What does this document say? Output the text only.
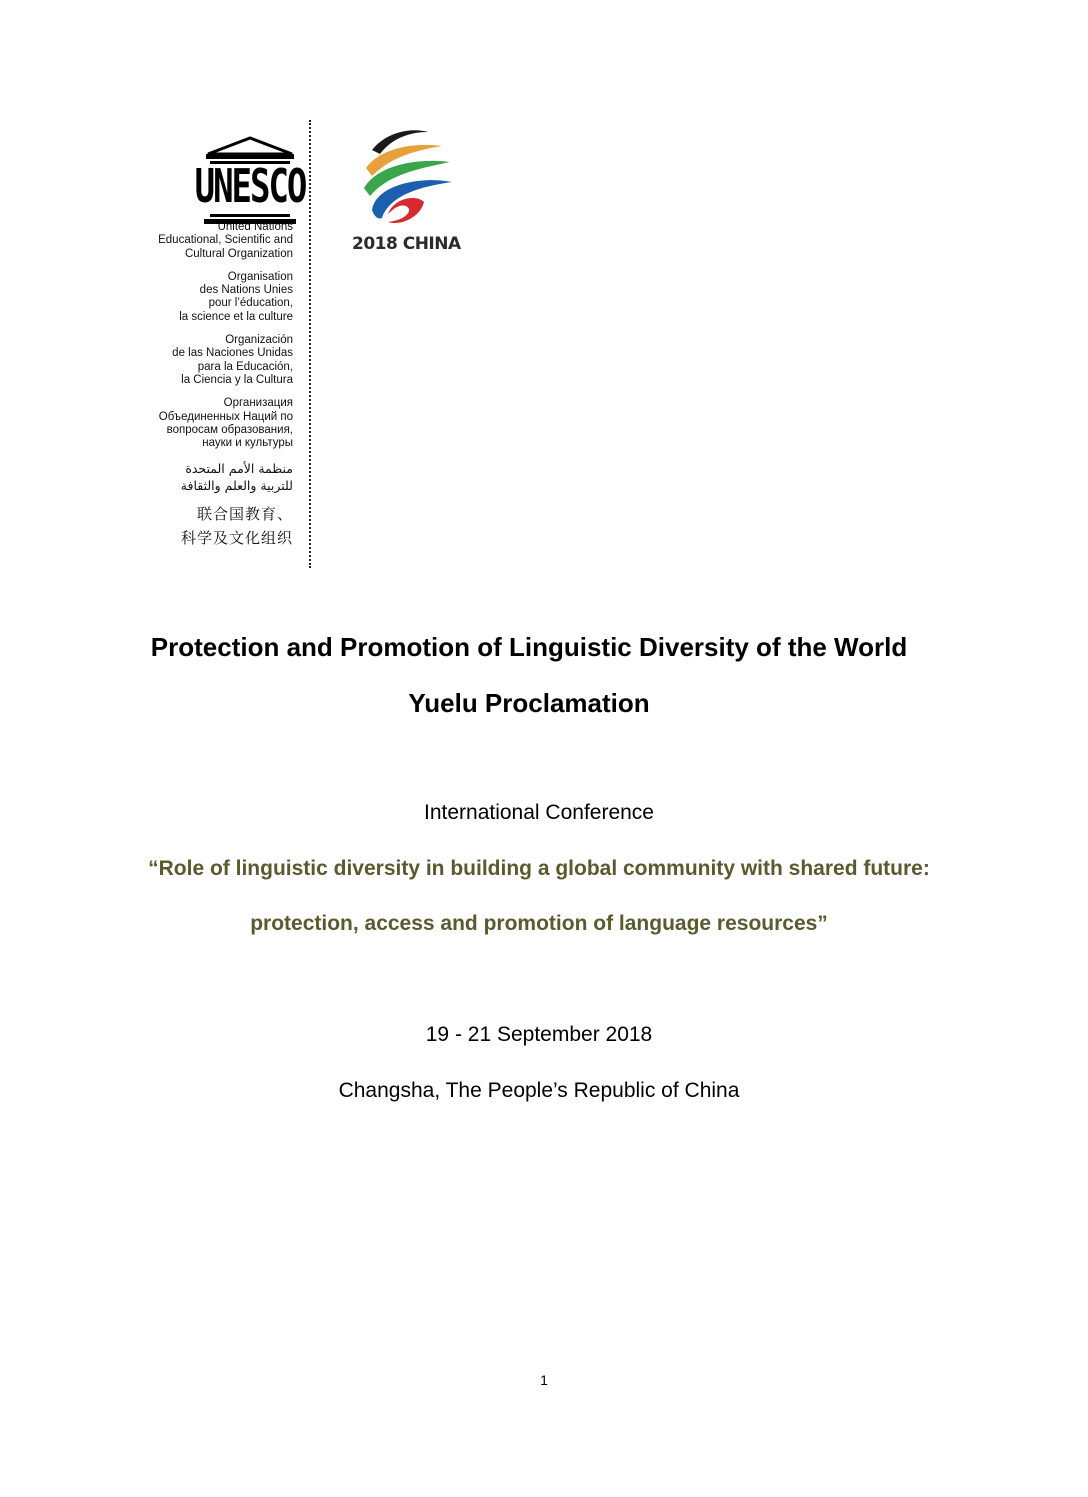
UNESCO
United Nations
Educational, Scientific and
Cultural Organization
Organisation
des Nations Unies
pour l’éducation,
la science et la culture
Organización
de las Naciones Unidas
para la Educación,
la Ciencia y la Cultura
Организация
Объединенных Наций по
вопросам образования,
науки и культуры
منظمة الأمم المتحدة
للتربية والعلم والثقافة
联合国教育、
科学及文化组织
2018 CHINA
Protection and Promotion of Linguistic Diversity of the World
Yuelu Proclamation
International Conference
“Role of linguistic diversity in building a global community with shared future:
protection, access and promotion of language resources”
19 - 21 September 2018
Changsha, The People’s Republic of China
1
